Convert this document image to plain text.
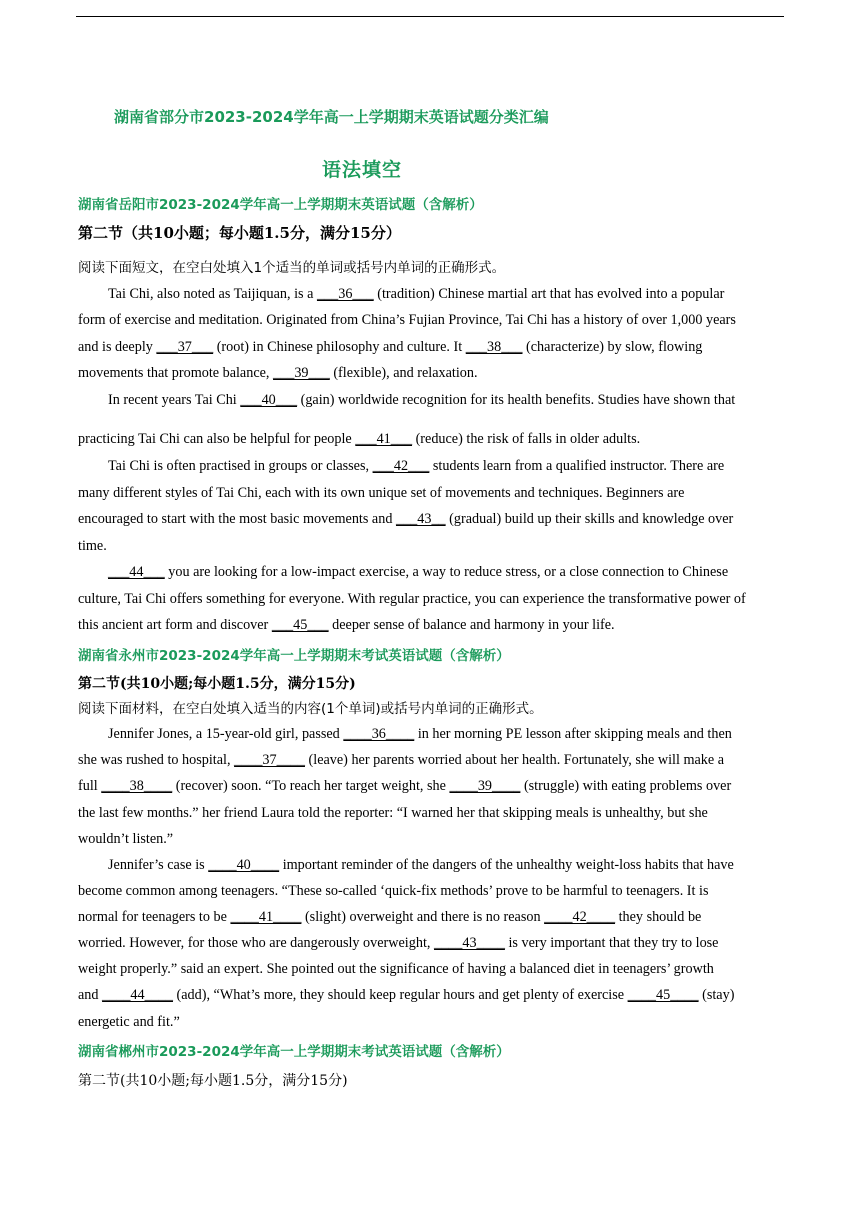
湖南省部分市2023-2024学年高一上学期期末英语试题分类汇编
语法填空
湖南省岳阳市2023-2024学年高一上学期期末英语试题（含解析）
第二节（共10小题；每小题1.5分，满分15分）
阅读下面短文，在空白处填入1个适当的单词或括号内单词的正确形式。
Tai Chi, also noted as Taijiquan, is a ___36___ (tradition) Chinese martial art that has evolved into a popular
form of exercise and meditation. Originated from China’s Fujian Province, Tai Chi has a history of over 1,000 years
and is deeply ___37___ (root) in Chinese philosophy and culture. It ___38___ (characterize) by slow, flowing
movements that promote balance, ___39___ (flexible), and relaxation.
In recent years Tai Chi ___40___ (gain) worldwide recognition for its health benefits. Studies have shown that
practicing Tai Chi can also be helpful for people ___41___ (reduce) the risk of falls in older adults.
Tai Chi is often practised in groups or classes, ___42___ students learn from a qualified instructor. There are
many different styles of Tai Chi, each with its own unique set of movements and techniques. Beginners are
encouraged to start with the most basic movements and ___43__ (gradual) build up their skills and knowledge over
time.
___44___ you are looking for a low-impact exercise, a way to reduce stress, or a close connection to Chinese
culture, Tai Chi offers something for everyone. With regular practice, you can experience the transformative power of
this ancient art form and discover ___45___ deeper sense of balance and harmony in your life.
湖南省永州市2023-2024学年高一上学期期末考试英语试题（含解析）
第二节(共10小题;每小题1.5分，满分15分)
阅读下面材料，在空白处填入适当的内容(1个单词)或括号内单词的正确形式。
Jennifer Jones, a 15-year-old girl, passed ____36____ in her morning PE lesson after skipping meals and then
she was rushed to hospital, ____37____ (leave) her parents worried about her health. Fortunately, she will make a
full ____38____ (recover) soon. “To reach her target weight, she ____39____ (struggle) with eating problems over
the last few months.” her friend Laura told the reporter: “I warned her that skipping meals is unhealthy, but she
wouldn’t listen.”
Jennifer’s case is ____40____ important reminder of the dangers of the unhealthy weight-loss habits that have
become common among teenagers. “These so-called ‘quick-fix methods’ prove to be harmful to teenagers. It is
normal for teenagers to be ____41____ (slight) overweight and there is no reason ____42____ they should be
worried. However, for those who are dangerously overweight, ____43____ is very important that they try to lose
weight properly.” said an expert. She pointed out the significance of having a balanced diet in teenagers’ growth
and ____44____ (add), “What’s more, they should keep regular hours and get plenty of exercise ____45____ (stay)
energetic and fit.”
湖南省郴州市2023-2024学年高一上学期期末考试英语试题（含解析）
第二节(共10小题;每小题1.5分，满分15分)
